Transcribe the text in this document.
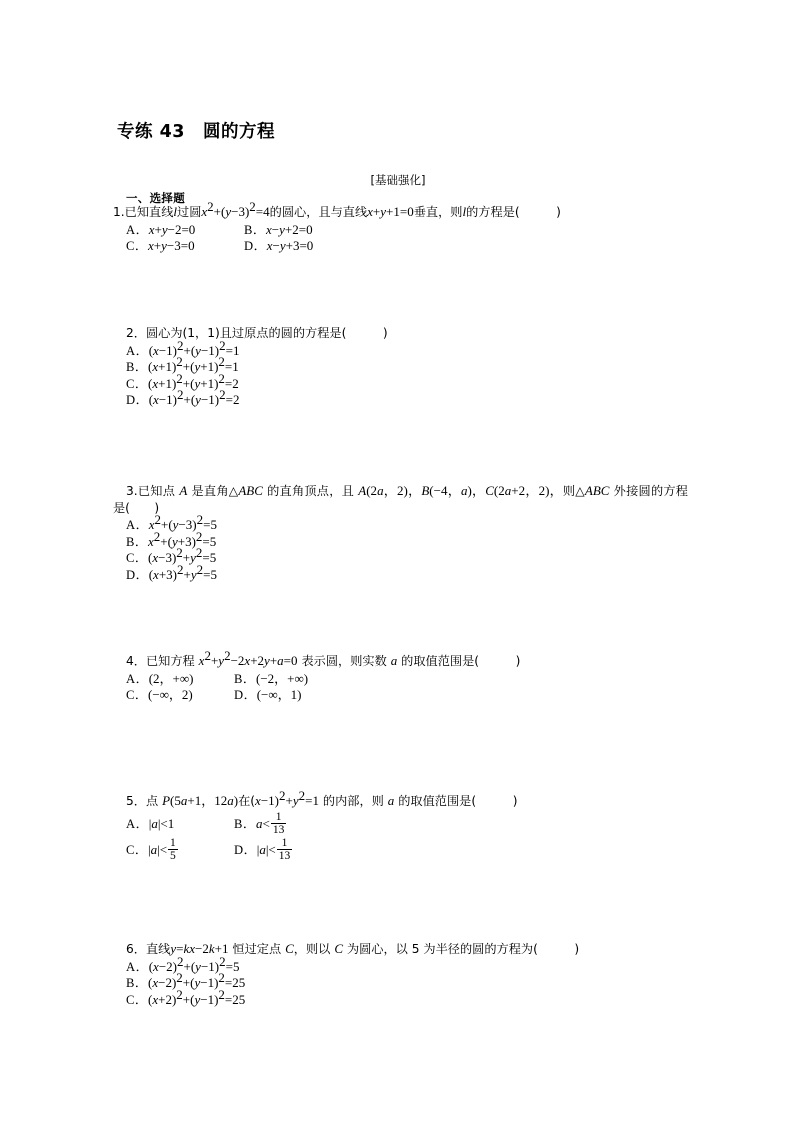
专练 43　圆的方程
[基础强化]
一、选择题
1.已知直线l过圆$x^2+(y-3)^2=4$的圆心，且与直线x+y+1=0垂直，则l的方程是(　　　)
A．x+y−2=0	B．x−y+2=0
C．x+y−3=0	D．x−y+3=0
2．圆心为(1，1)且过原点的圆的方程是(　　　)
A．$(x-1)^2+(y-1)^2=1$
B．$(x+1)^2+(y+1)^2=1$
C．$(x+1)^2+(y+1)^2=2$
D．$(x-1)^2+(y-1)^2=2$
3.已知点 A 是直角△ABC 的直角顶点，且 A(2a，2)，B(−4，a)，C(2a+2，2)，则△ABC 外接圆的方程是(　　)
A．$x^2+(y-3)^2=5$
B．$x^2+(y+3)^2=5$
C．$(x-3)^2+y^2=5$
D．$(x+3)^2+y^2=5$
4．已知方程 $x^2+y^2-2x+2y+a=0$ 表示圆，则实数 a 的取值范围是(　　　)
A．(2，+∞)	B．(−2，+∞)
C．(−∞，2)	D．(−∞，1)
5．点 P(5a+1，12a)在$(x-1)^2+y^2=1$ 的内部，则 a 的取值范围是(　　　)
A．|a|<1	B．$a< \frac{1}{13}$
C．$|a|< \frac{1}{5}$	D．$|a|< \frac{1}{13}$
6．直线y=kx−2k+1 恒过定点 C，则以 C 为圆心，以 5 为半径的圆的方程为(　　　)
A．$(x-2)^2+(y-1)^2=5$
B．$(x-2)^2+(y-1)^2=25$
C．$(x+2)^2+(y-1)^2=25$
